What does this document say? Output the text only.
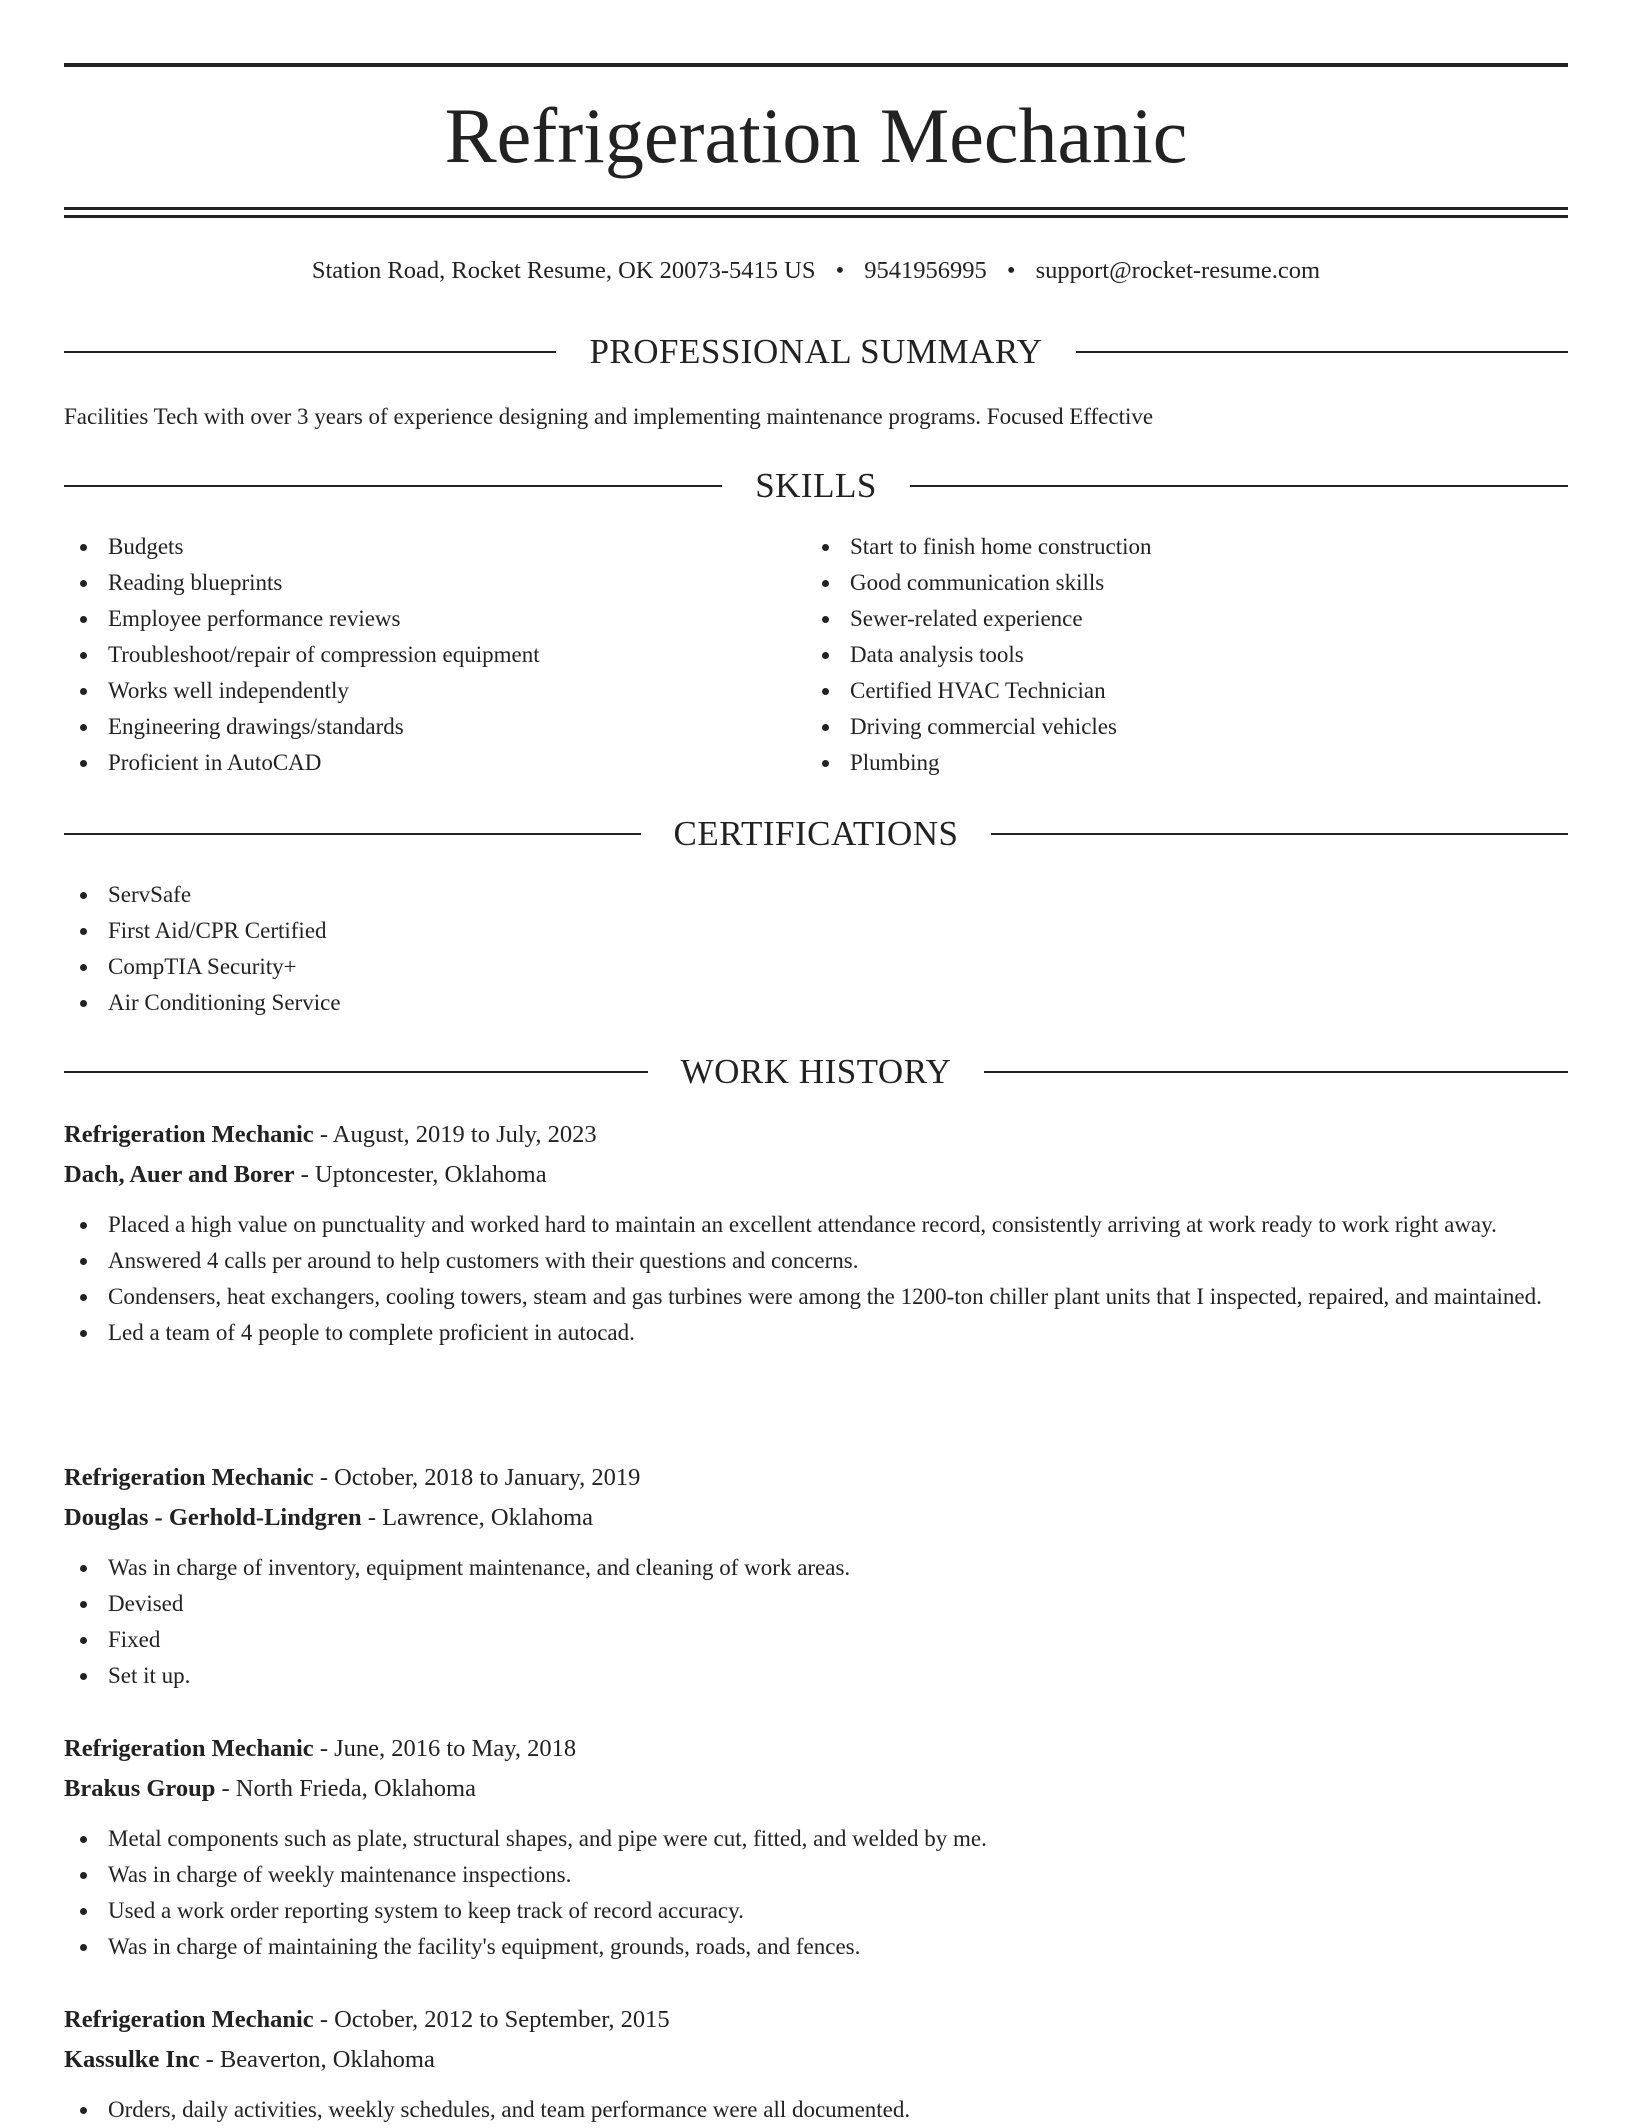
Refrigeration Mechanic
Station Road, Rocket Resume, OK 20073-5415 US • 9541956995 • support@rocket-resume.com
PROFESSIONAL SUMMARY

Facilities Tech with over 3 years of experience designing and implementing maintenance programs. Focused Effective

SKILLS
Budgets
Reading blueprints
Employee performance reviews
Troubleshoot/repair of compression equipment
Works well independently
Engineering drawings/standards
Proficient in AutoCAD
Start to finish home construction
Good communication skills
Sewer-related experience
Data analysis tools
Certified HVAC Technician
Driving commercial vehicles
Plumbing
CERTIFICATIONS
ServSafe
First Aid/CPR Certified
CompTIA Security+
Air Conditioning Service
WORK HISTORY
Refrigeration Mechanic - August, 2019 to July, 2023
Dach, Auer and Borer - Uptoncester, Oklahoma
Placed a high value on punctuality and worked hard to maintain an excellent attendance record, consistently arriving at work ready to work right away.
Answered 4 calls per around to help customers with their questions and concerns.
Condensers, heat exchangers, cooling towers, steam and gas turbines were among the 1200-ton chiller plant units that I inspected, repaired, and maintained.
Led a team of 4 people to complete proficient in autocad.
Refrigeration Mechanic - October, 2018 to January, 2019
Douglas - Gerhold-Lindgren - Lawrence, Oklahoma
Was in charge of inventory, equipment maintenance, and cleaning of work areas.
Devised
Fixed
Set it up.
Refrigeration Mechanic - June, 2016 to May, 2018
Brakus Group - North Frieda, Oklahoma
Metal components such as plate, structural shapes, and pipe were cut, fitted, and welded by me.
Was in charge of weekly maintenance inspections.
Used a work order reporting system to keep track of record accuracy.
Was in charge of maintaining the facility's equipment, grounds, roads, and fences.
Refrigeration Mechanic - October, 2012 to September, 2015
Kassulke Inc - Beaverton, Oklahoma
Orders, daily activities, weekly schedules, and team performance were all documented.
